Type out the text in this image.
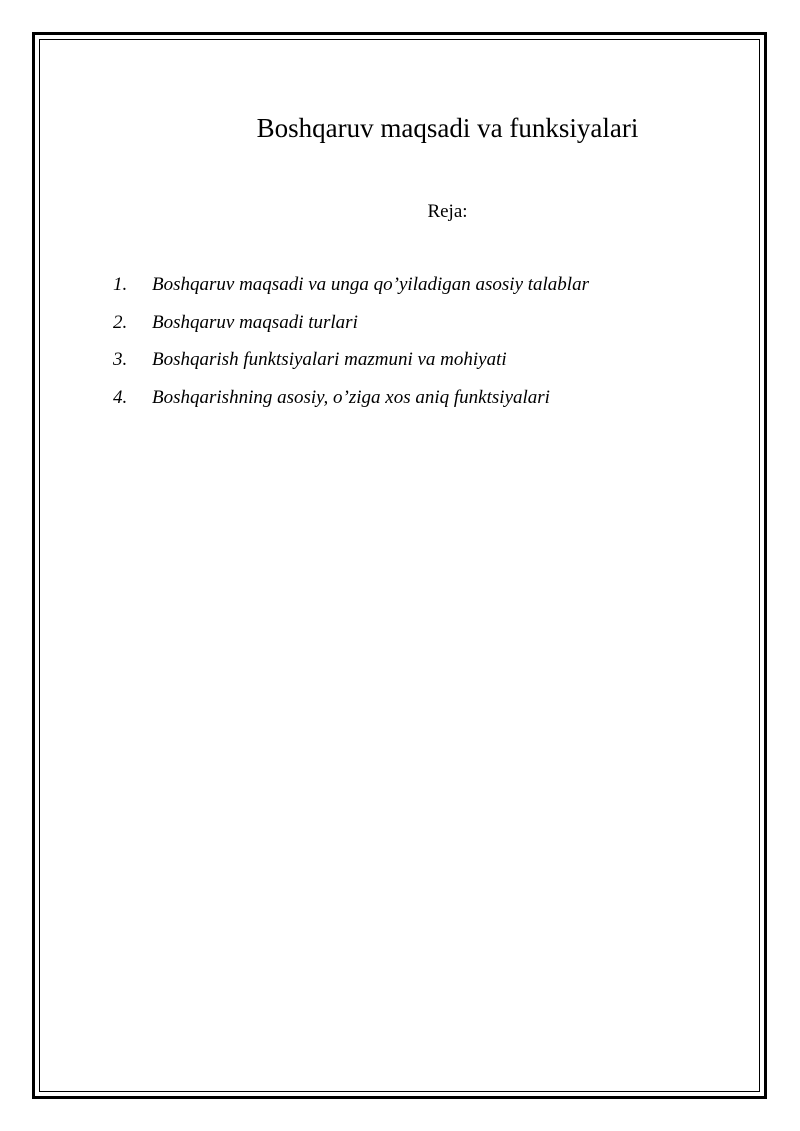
Boshqaruv maqsadi va funksiyalari
Reja:
1. Boshqaruv maqsadi va unga qo’yiladigan asosiy talablar
2. Boshqaruv maqsadi turlari
3. Boshqarish funktsiyalari mazmuni va mohiyati
4. Boshqarishning asosiy, o’ziga xos aniq funktsiyalari
